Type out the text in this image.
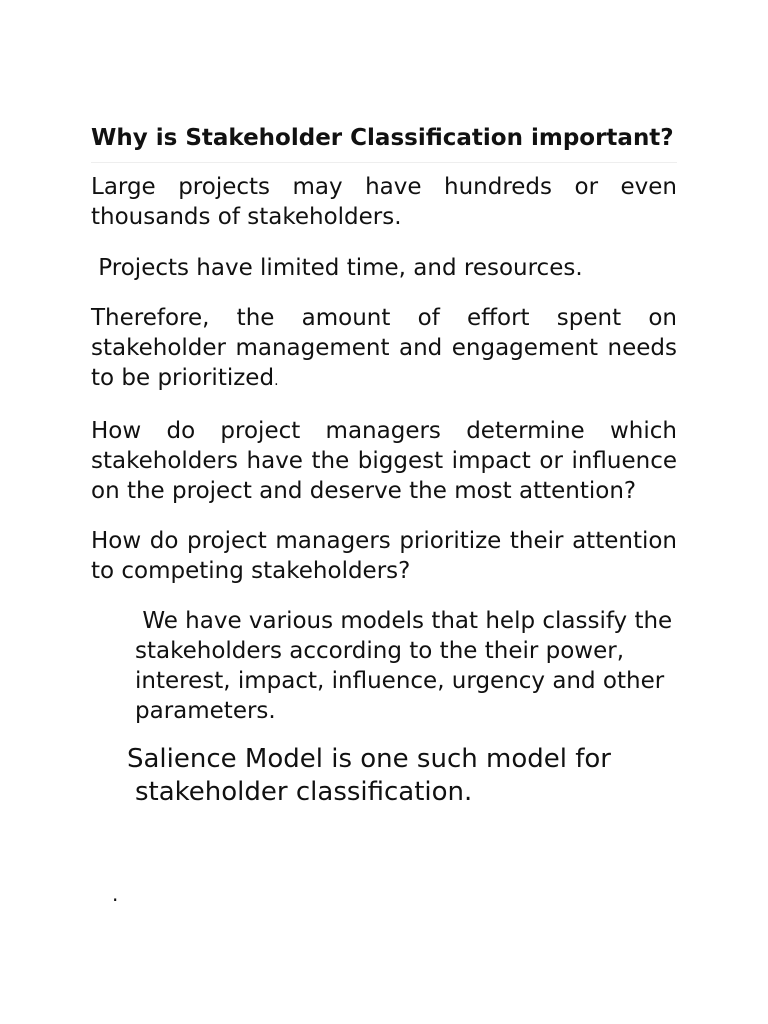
Why is Stakeholder Classification important?

Large projects may have hundreds or even thousands of stakeholders.

Projects have limited time, and resources.

Therefore, the amount of effort spent on stakeholder management and engagement needs to be prioritized.

How do project managers determine which stakeholders have the biggest impact or influence on the project and deserve the most attention?

How do project managers prioritize their attention to competing stakeholders?

We have various models that help classify the stakeholders according to the their power, interest, impact, influence, urgency and other parameters.

Salience Model is one such model for
stakeholder classification.

.
